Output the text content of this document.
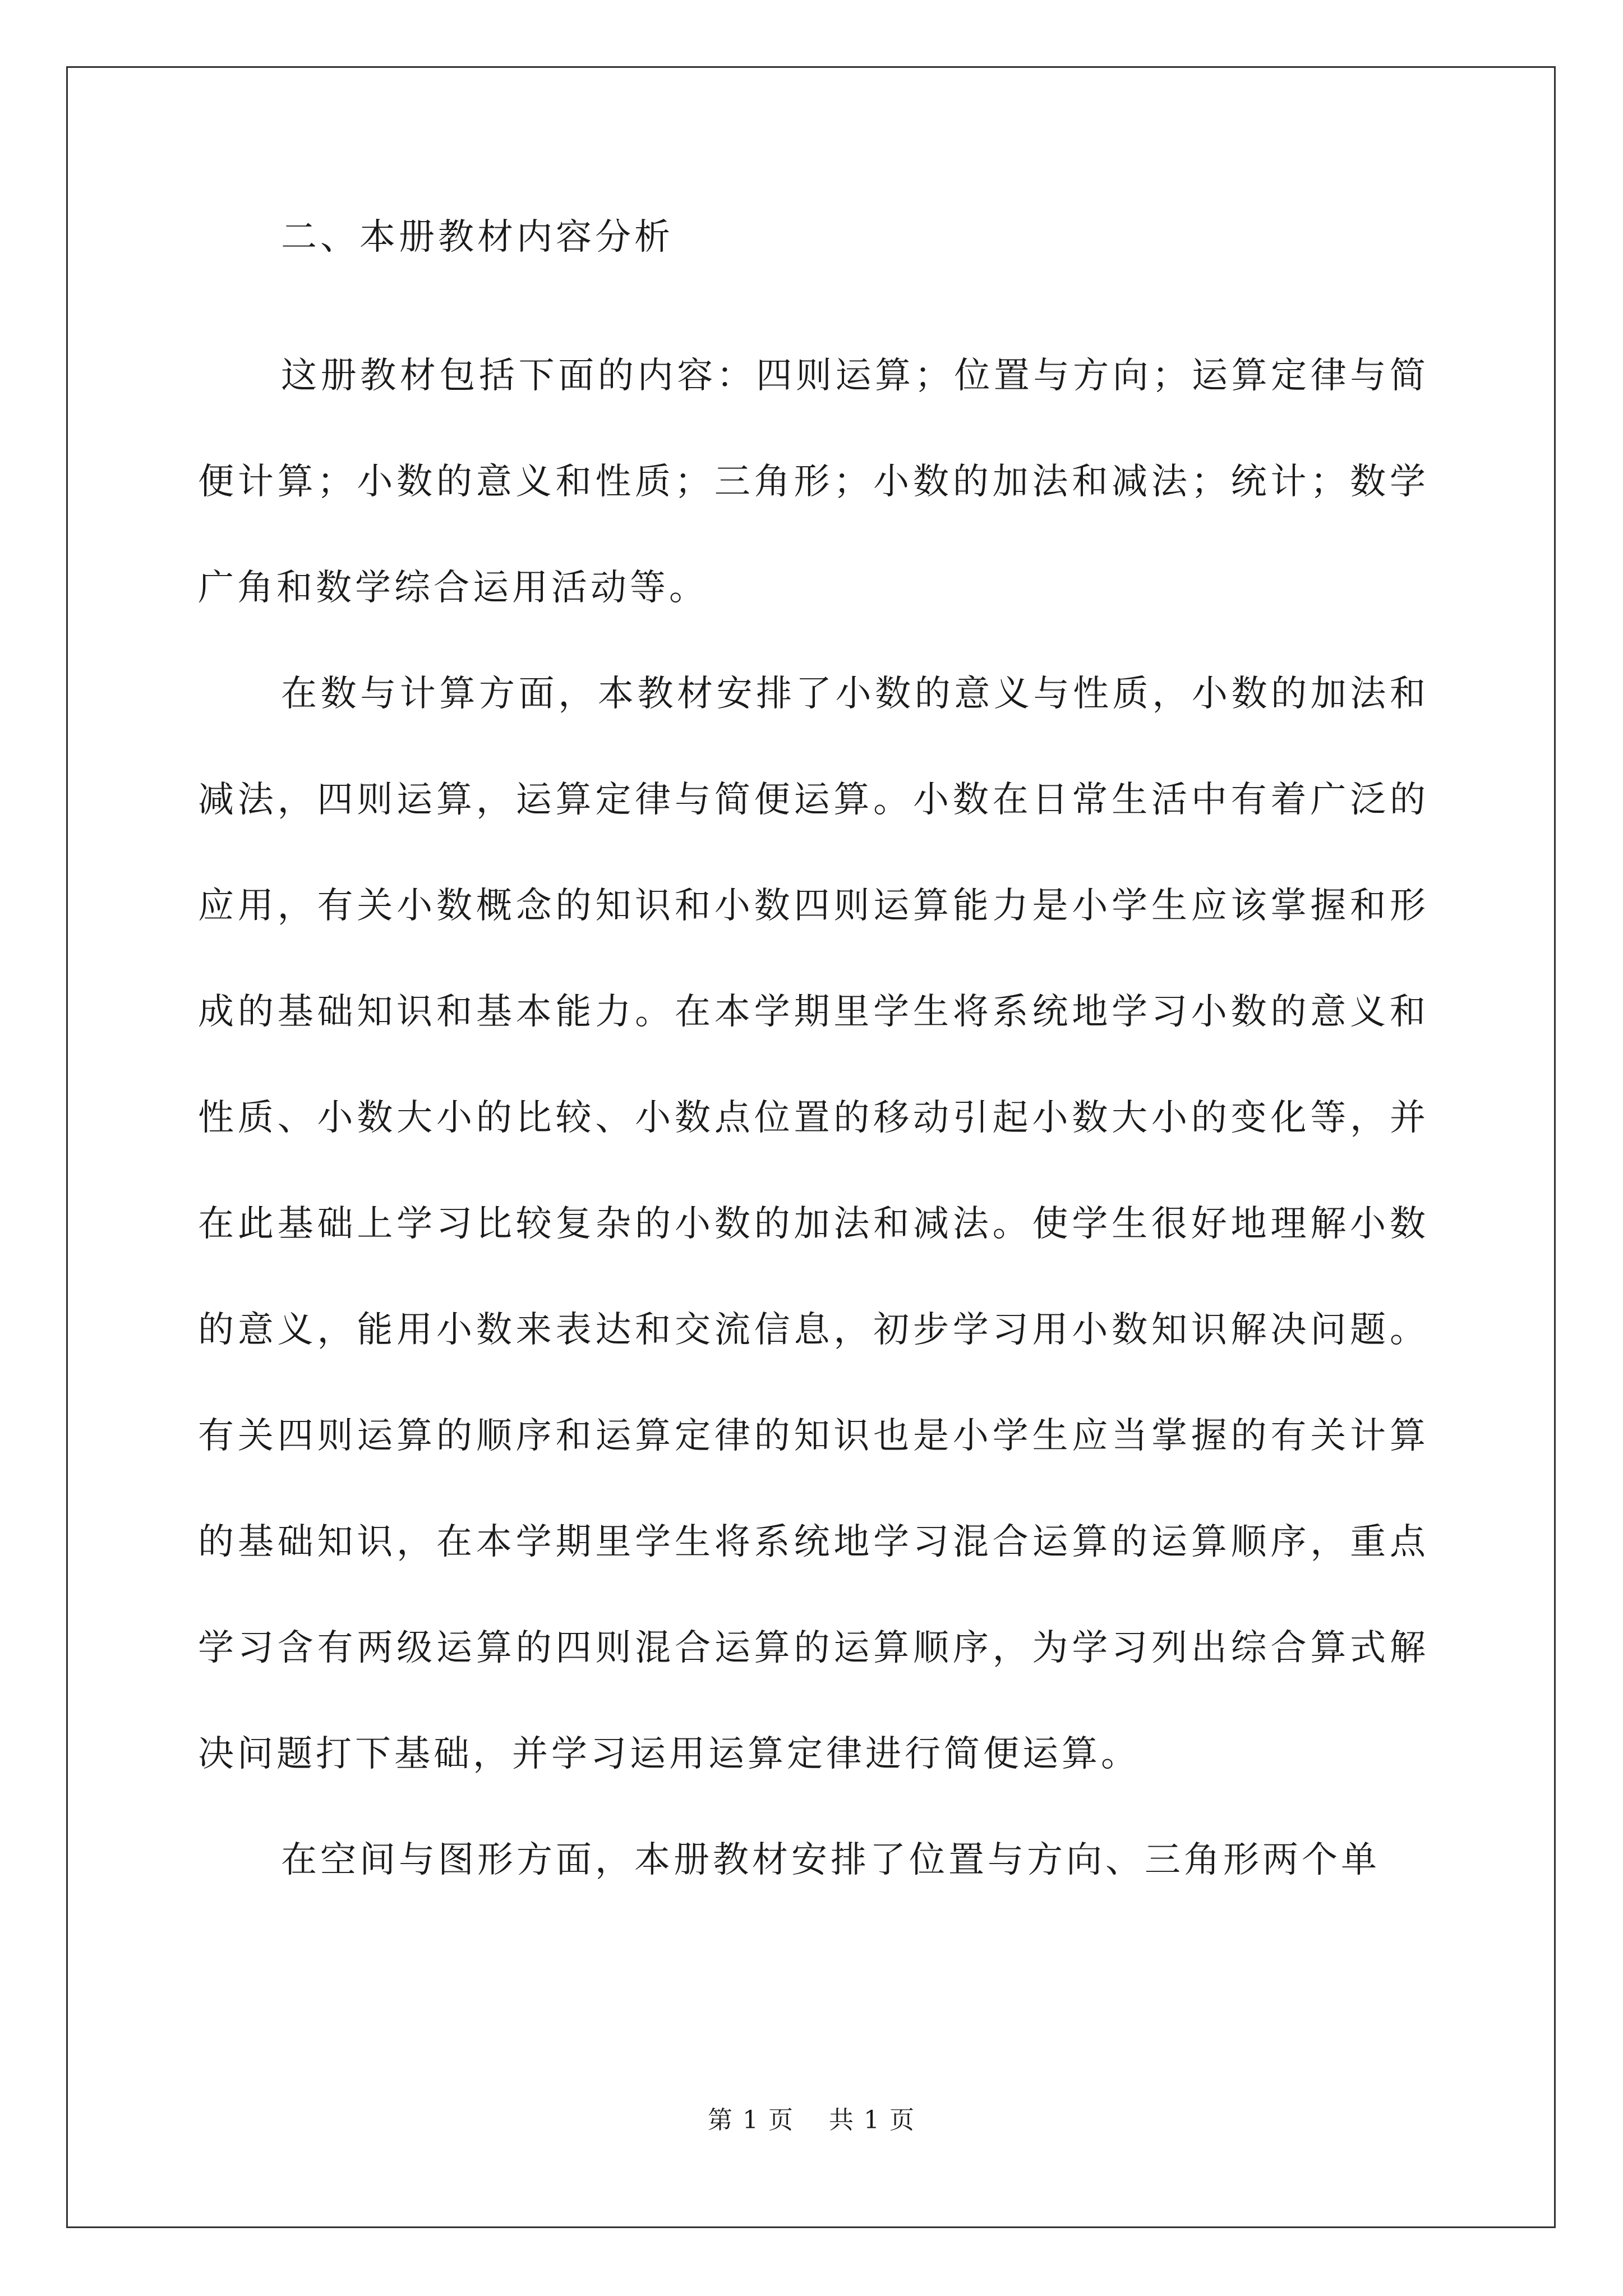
二、本册教材内容分析

这册教材包括下面的内容：四则运算；位置与方向；运算定律与简便计算；小数的意义和性质；三角形；小数的加法和减法；统计；数学广角和数学综合运用活动等。

在数与计算方面，本教材安排了小数的意义与性质，小数的加法和减法，四则运算，运算定律与简便运算。小数在日常生活中有着广泛的应用，有关小数概念的知识和小数四则运算能力是小学生应该掌握和形成的基础知识和基本能力。在本学期里学生将系统地学习小数的意义和性质、小数大小的比较、小数点位置的移动引起小数大小的变化等，并在此基础上学习比较复杂的小数的加法和减法。使学生很好地理解小数的意义，能用小数来表达和交流信息，初步学习用小数知识解决问题。有关四则运算的顺序和运算定律的知识也是小学生应当掌握的有关计算的基础知识，在本学期里学生将系统地学习混合运算的运算顺序，重点学习含有两级运算的四则混合运算的运算顺序，为学习列出综合算式解决问题打下基础，并学习运用运算定律进行简便运算。

在空间与图形方面，本册教材安排了位置与方向、三角形两个单

第 1 页 共 1 页
